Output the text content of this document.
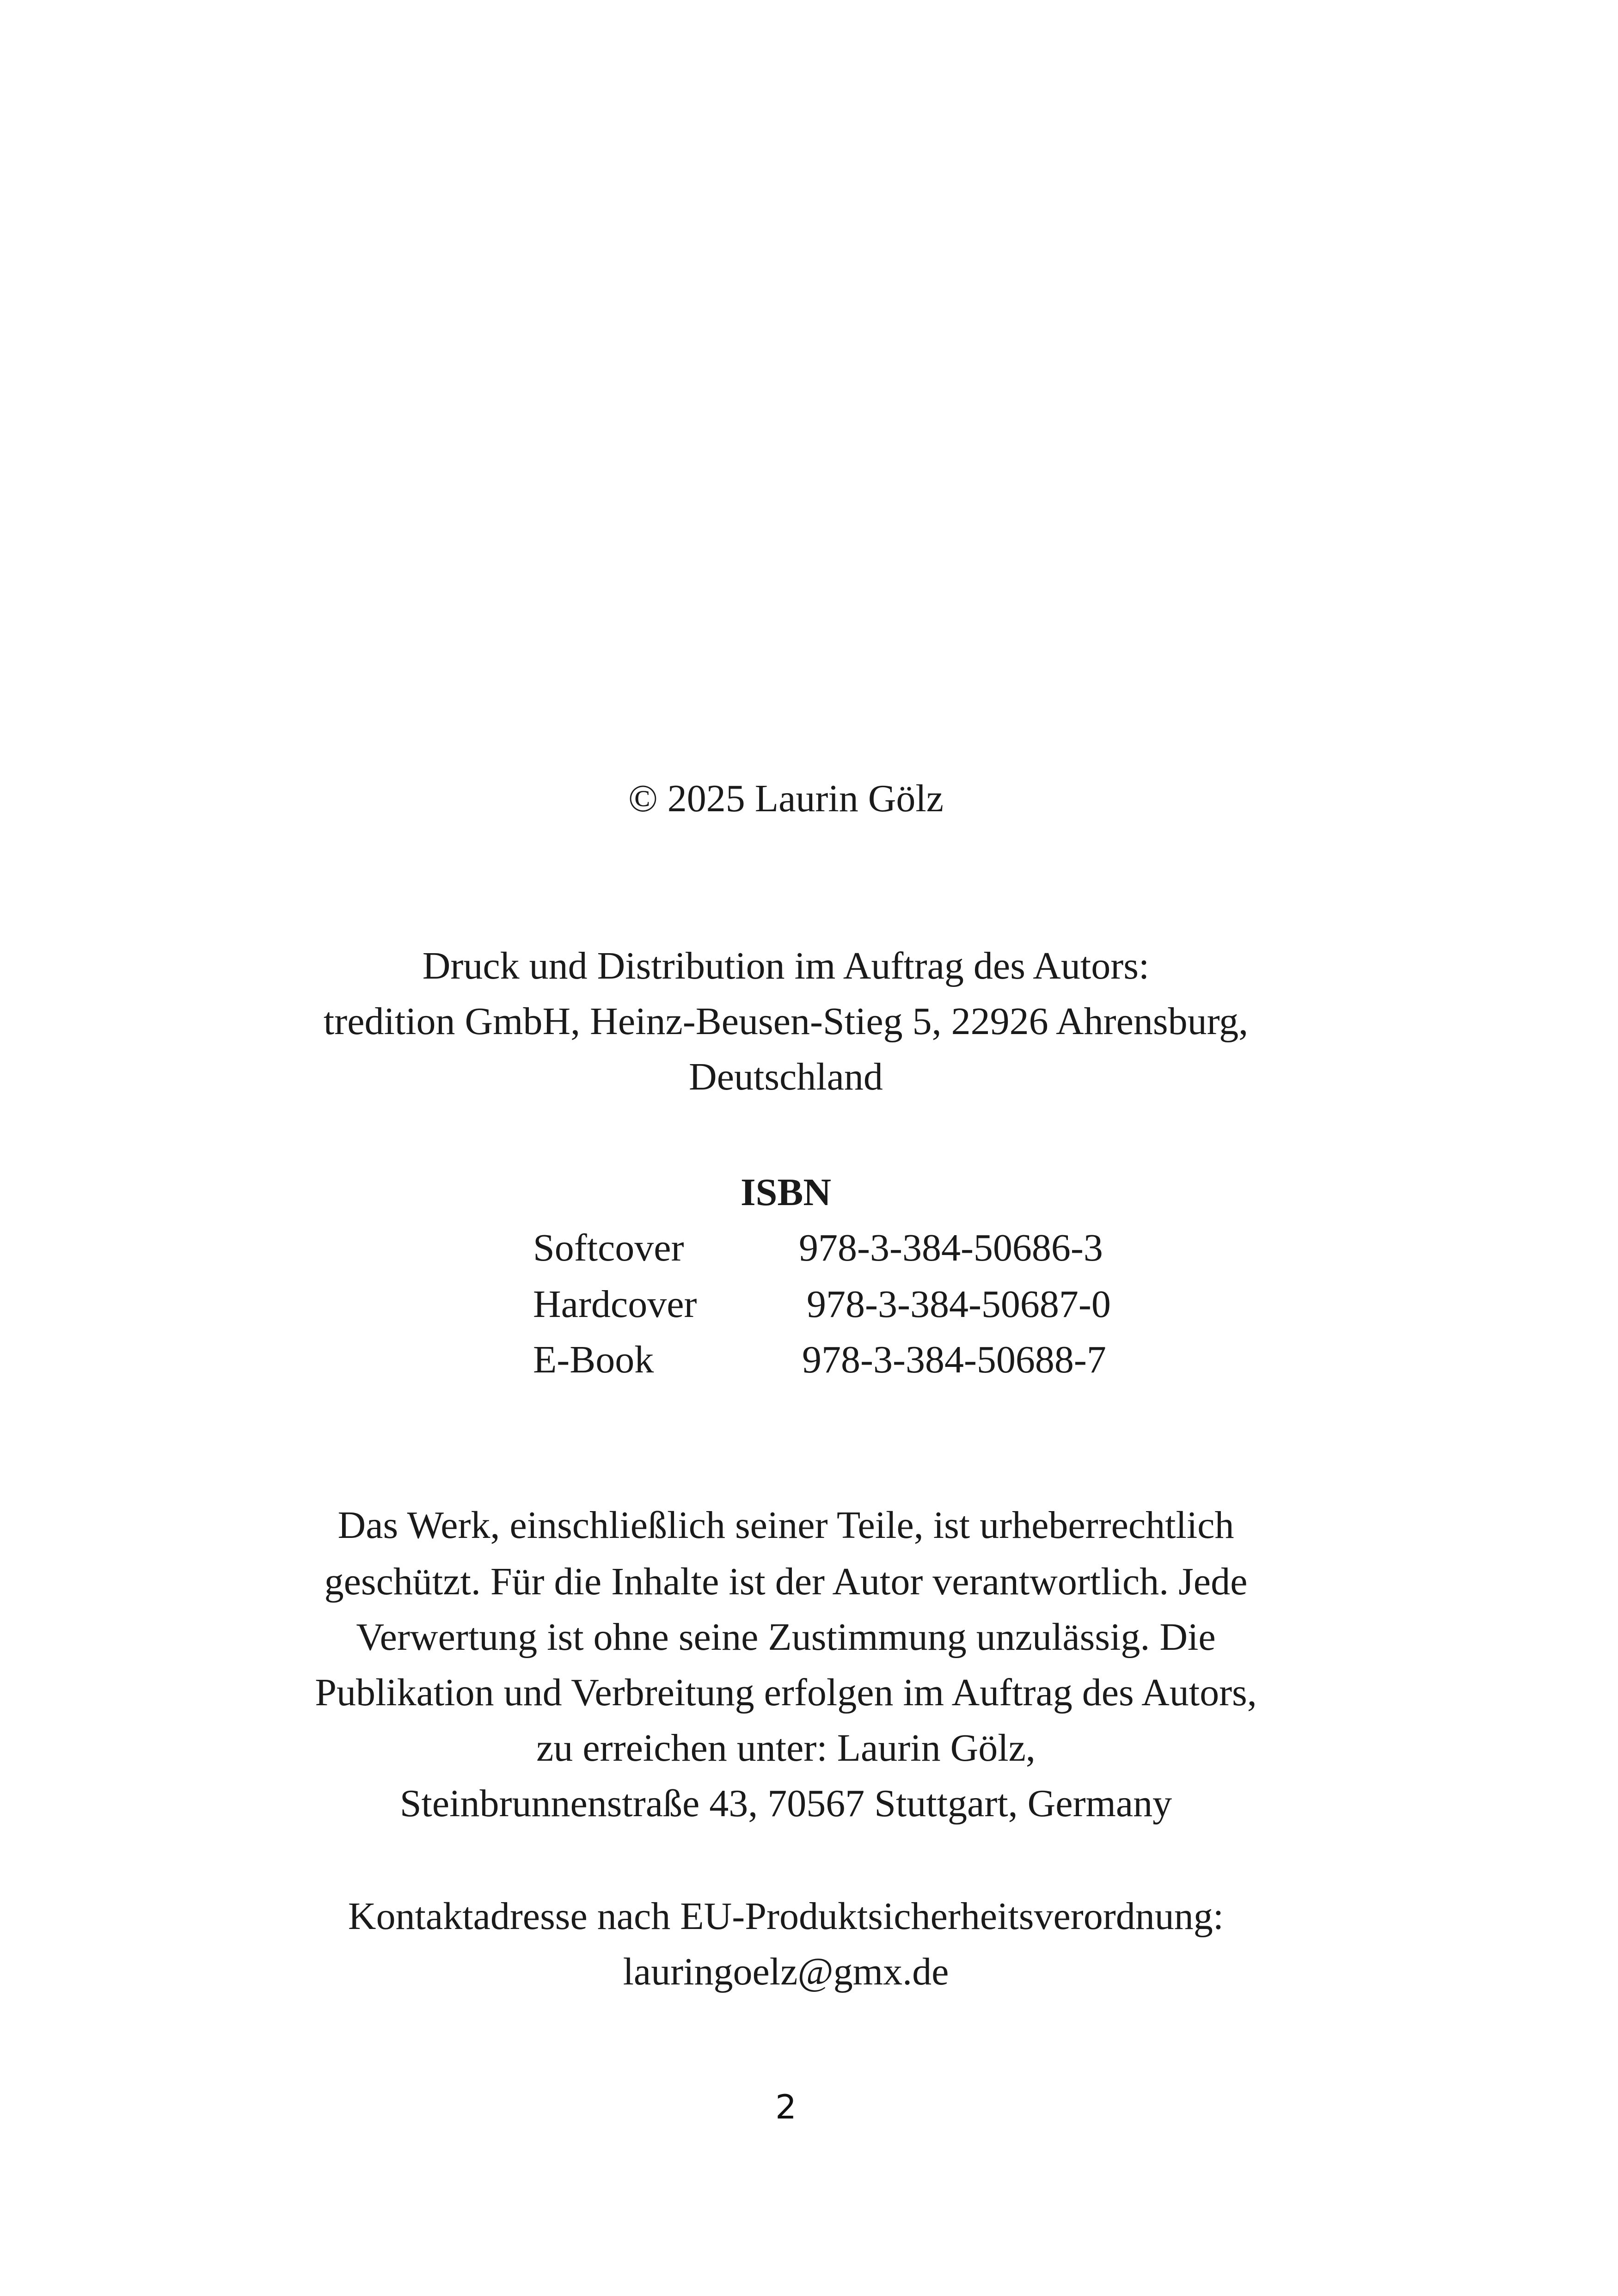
© 2025 Laurin Gölz
Druck und Distribution im Auftrag des Autors:
tredition GmbH, Heinz-Beusen-Stieg 5, 22926 Ahrensburg,
Deutschland
ISBN
Softcover	978-3-384-50686-3
Hardcover	978-3-384-50687-0
E-Book	978-3-384-50688-7
Das Werk, einschließlich seiner Teile, ist urheberrechtlich
geschützt. Für die Inhalte ist der Autor verantwortlich. Jede
Verwertung ist ohne seine Zustimmung unzulässig. Die
Publikation und Verbreitung erfolgen im Auftrag des Autors,
zu erreichen unter: Laurin Gölz,
Steinbrunnenstraße 43, 70567 Stuttgart, Germany
Kontaktadresse nach EU-Produktsicherheitsverordnung:
lauringoelz@gmx.de
2
